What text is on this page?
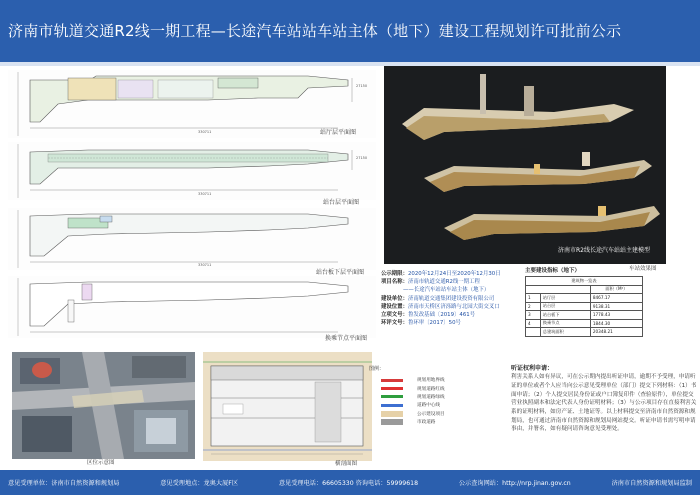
济南市轨道交通R2线一期工程—长途汽车站站车站主体（地下）建设工程规划许可批前公示
330711
27150
站厅层平面图
330711
27150
站台层平面图
330711
站台板下层平面图
换乘节点平面图
济南市R2线长途汽车站站主建模型
车站效果图
公示期限： 2020年12月24日至2020年12月30日
项目名称： 济南市轨道交通R2线一期工程
——长途汽车站站车站主体（地下）
建设单位： 济南轨道交通集团建设投资有限公司
建设位置： 济南市天桥区济泺路与北园大街交叉口
立项文号： 鲁发改基础〔2019〕461号
环评文号： 鲁环审〔2017〕50号
主要建设指标（地下）
建筑物一览表		
		面积（M²）
1	站厅层	8467.17
2	站台层	9138.31
3	站台板下	1778.43
4	换乘节点	1844.30
	总建筑面积	20348.21
听证权利申请：

利害关系人如有异议，可在公示期内提出听证申请，逾期不予受理，申请听证的单位或者个人应当向公示意见受理单位（部门）提交下列材料：（1）书面申请；（2）个人提交居民身份证或户口簿复印件（查验原件），单位提交营业执照副本和法定代表人身份证明材料；（3）与公示项目存在直接利害关系的证明材料，如房产证、土地证等。以上材料提交至济南市自然资源和规划局，也可通过济南市自然资源和规划局网站提交。听证申请书需写明申请事由，并署名，如有疑问请咨询意见受理处。

区位示意图	横剖面图
图例：
规划用地界线
规划道路红线
规划道路绿线
道路中心线
公示建设项目
市政道路
意见受理单位：济南市自然资源和规划局	意见受理地点：龙奥大厦F区	意见受理电话：66605330 咨询电话：59999618	公示查询网站：http://nrp.jinan.gov.cn	济南市自然资源和规划局监制
